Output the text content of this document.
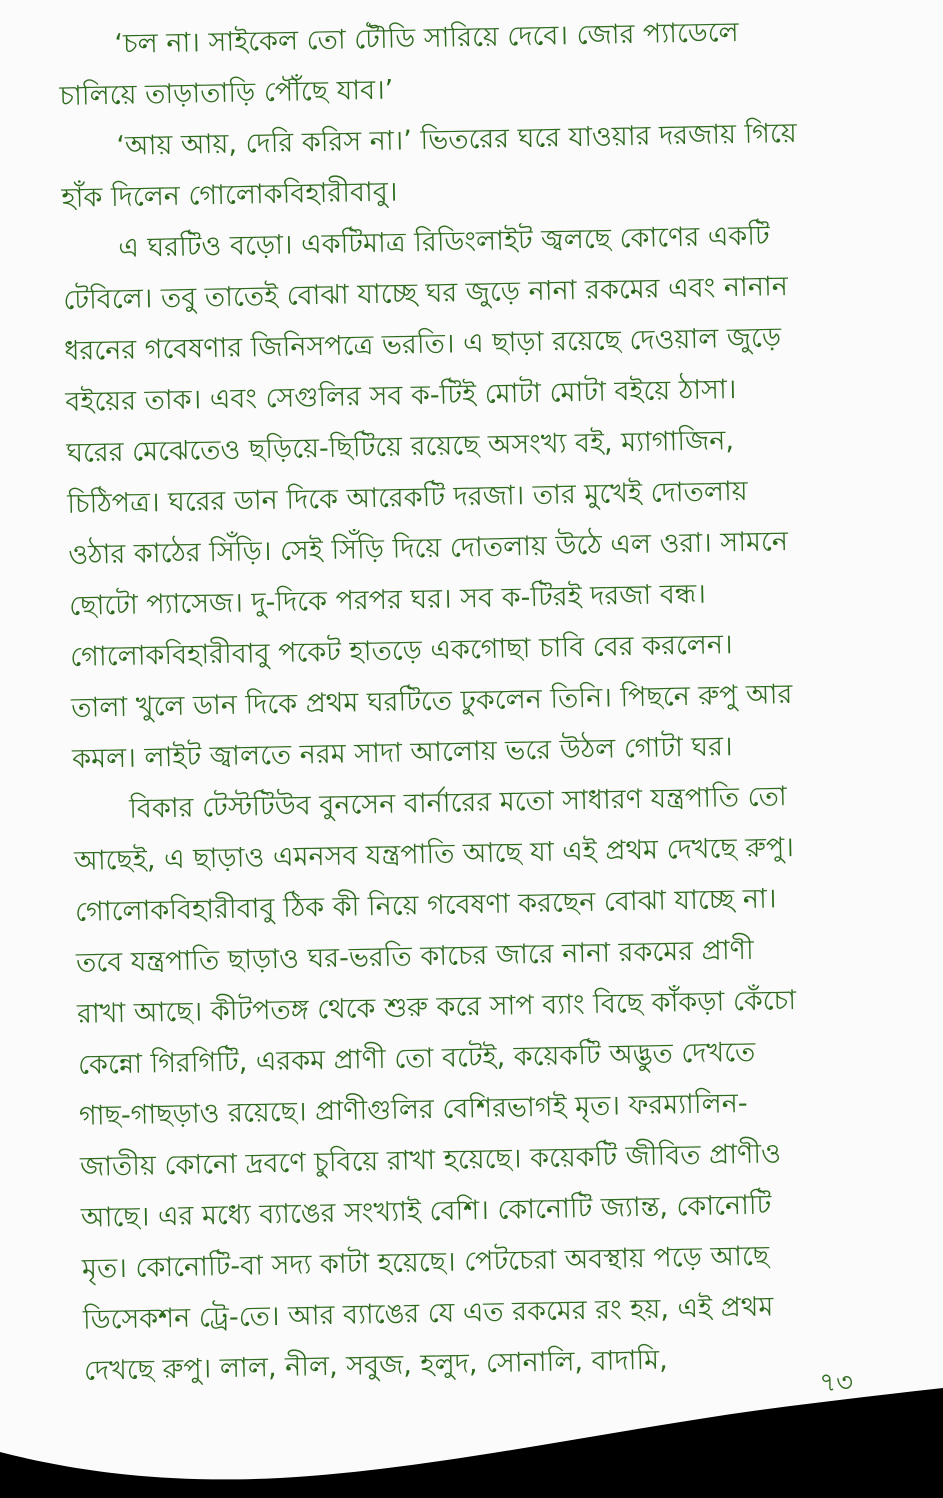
‘চল না। সাইকেল তো টৌডি সারিয়ে দেবে। জোর প্যাডেলে
চালিয়ে তাড়াতাড়ি পৌঁছে যাব।’
‘আয় আয়, দেরি করিস না।’ ভিতরের ঘরে যাওয়ার দরজায় গিয়ে
হাঁক দিলেন গোলোকবিহারীবাবু।
এ ঘরটিও বড়ো। একটিমাত্র রিডিংলাইট জ্বলছে কোণের একটি
টেবিলে। তবু তাতেই বোঝা যাচ্ছে ঘর জুড়ে নানা রকমের এবং নানান
ধরনের গবেষণার জিনিসপত্রে ভরতি। এ ছাড়া রয়েছে দেওয়াল জুড়ে
বইয়ের তাক। এবং সেগুলির সব ক-টিই মোটা মোটা বইয়ে ঠাসা।
ঘরের মেঝেতেও ছড়িয়ে-ছিটিয়ে রয়েছে অসংখ্য বই, ম্যাগাজিন,
চিঠিপত্র। ঘরের ডান দিকে আরেকটি দরজা। তার মুখেই দোতলায়
ওঠার কাঠের সিঁড়ি। সেই সিঁড়ি দিয়ে দোতলায় উঠে এল ওরা। সামনে
ছোটো প্যাসেজ। দু-দিকে পরপর ঘর। সব ক-টিরই দরজা বন্ধ।
গোলোকবিহারীবাবু পকেট হাতড়ে একগোছা চাবি বের করলেন।
তালা খুলে ডান দিকে প্রথম ঘরটিতে ঢুকলেন তিনি। পিছনে রুপু আর
কমল। লাইট জ্বালতে নরম সাদা আলোয় ভরে উঠল গোটা ঘর।
বিকার টেস্টটিউব বুনসেন বার্নারের মতো সাধারণ যন্ত্রপাতি তো
আছেই, এ ছাড়াও এমনসব যন্ত্রপাতি আছে যা এই প্রথম দেখছে রুপু।
গোলোকবিহারীবাবু ঠিক কী নিয়ে গবেষণা করছেন বোঝা যাচ্ছে না।
তবে যন্ত্রপাতি ছাড়াও ঘর-ভরতি কাচের জারে নানা রকমের প্রাণী
রাখা আছে। কীটপতঙ্গ থেকে শুরু করে সাপ ব্যাং বিছে কাঁকড়া কেঁচো
কেন্নো গিরগিটি, এরকম প্রাণী তো বটেই, কয়েকটি অদ্ভুত দেখতে
গাছ-গাছড়াও রয়েছে। প্রাণীগুলির বেশিরভাগই মৃত। ফরম্যালিন-
জাতীয় কোনো দ্রবণে চুবিয়ে রাখা হয়েছে। কয়েকটি জীবিত প্রাণীও
আছে। এর মধ্যে ব্যাঙের সংখ্যাই বেশি। কোনোটি জ্যান্ত, কোনোটি
মৃত। কোনোটি-বা সদ্য কাটা হয়েছে। পেটচেরা অবস্থায় পড়ে আছে
ডিসেকশন ট্রে-তে। আর ব্যাঙের যে এত রকমের রং হয়, এই প্রথম
দেখছে রুপু। লাল, নীল, সবুজ, হলুদ, সোনালি, বাদামি,	৭৩
